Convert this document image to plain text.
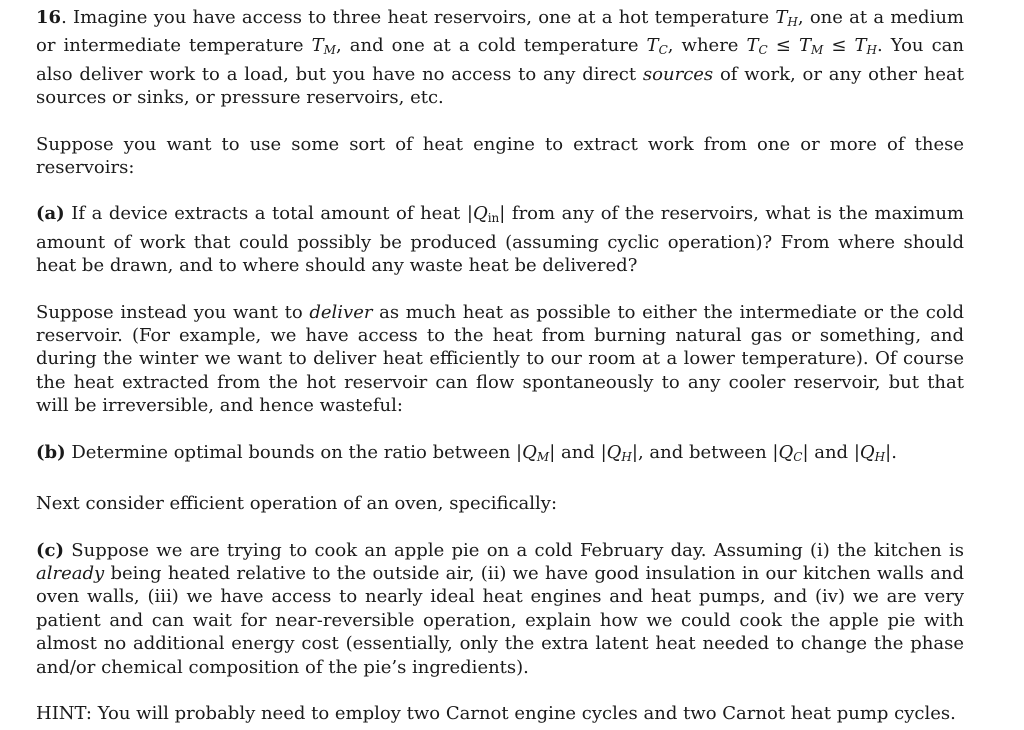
16. Imagine you have access to three heat reservoirs, one at a hot temperature $T_H$, one at a medium or intermediate temperature $T_M$, and one at a cold temperature $T_C$, where $T_C \le T_M \le T_H$. You can also deliver work to a load, but you have no access to any direct sources of work, or any other heat sources or sinks, or pressure reservoirs, etc.

Suppose you want to use some sort of heat engine to extract work from one or more of these reservoirs:

(a) If a device extracts a total amount of heat |Qin| from any of the reservoirs, what is the maximum amount of work that could possibly be produced (assuming cyclic operation)? From where should heat be drawn, and to where should any waste heat be delivered?

Suppose instead you want to deliver as much heat as possible to either the intermediate or the cold reservoir. (For example, we have access to the heat from burning natural gas or something, and during the winter we want to deliver heat efficiently to our room at a lower temperature). Of course the heat extracted from the hot reservoir can flow spontaneously to any cooler reservoir, but that will be irreversible, and hence wasteful:

(b) Determine optimal bounds on the ratio between $|Q_M|$ and $|Q_H|$, and between $|Q_C|$ and $|Q_H|$.

Next consider efficient operation of an oven, specifically:

(c) Suppose we are trying to cook an apple pie on a cold February day. Assuming (i) the kitchen is already being heated relative to the outside air, (ii) we have good insulation in our kitchen walls and oven walls, (iii) we have access to nearly ideal heat engines and heat pumps, and (iv) we are very patient and can wait for near-reversible operation, explain how we could cook the apple pie with almost no additional energy cost (essentially, only the extra latent heat needed to change the phase and/or chemical composition of the pie’s ingredients).

HINT: You will probably need to employ two Carnot engine cycles and two Carnot heat pump cycles.
